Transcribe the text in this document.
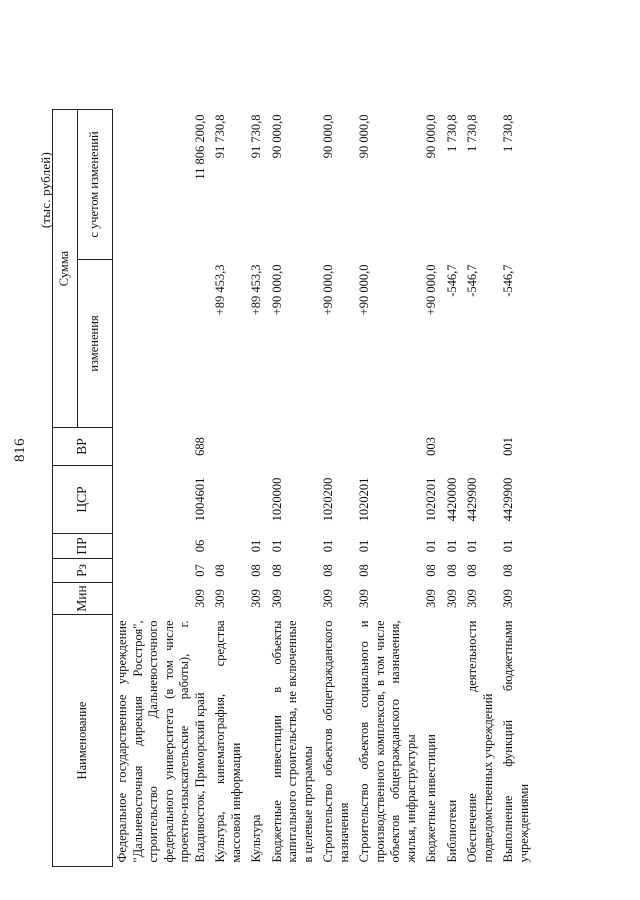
816
(тыс. рублей)
Наименование	Мин	Рз	ПР	ЦСР	ВР	Сумма	
						изменения	с учетом изменений
Федеральное государственное учреждение "Дальневосточная дирекция Росстроя", строительство Дальневосточного федерального университета (в том числе проектно-изыскательские работы), г. Владивосток, Приморский край	309	07	06	1004601	688		11 806 200,0
Культура, кинематография, средства массовой информации	309	08				+89 453,3	91 730,8
Культура	309	08	01			+89 453,3	91 730,8
Бюджетные инвестиции в объекты капитального строительства, не включенные в целевые программы	309	08	01	1020000		+90 000,0	90 000,0
Строительство объектов общегражданского назначения	309	08	01	1020200		+90 000,0	90 000,0
Строительство объектов социального и производственного комплексов, в том числе объектов общегражданского назначения, жилья, инфраструктуры	309	08	01	1020201		+90 000,0	90 000,0
Бюджетные инвестиции	309	08	01	1020201	003	+90 000,0	90 000,0
Библиотеки	309	08	01	4420000		-546,7	1 730,8
Обеспечение деятельности подведомственных учреждений	309	08	01	4429900		-546,7	1 730,8
Выполнение функций бюджетными учреждениями	309	08	01	4429900	001	-546,7	1 730,8
